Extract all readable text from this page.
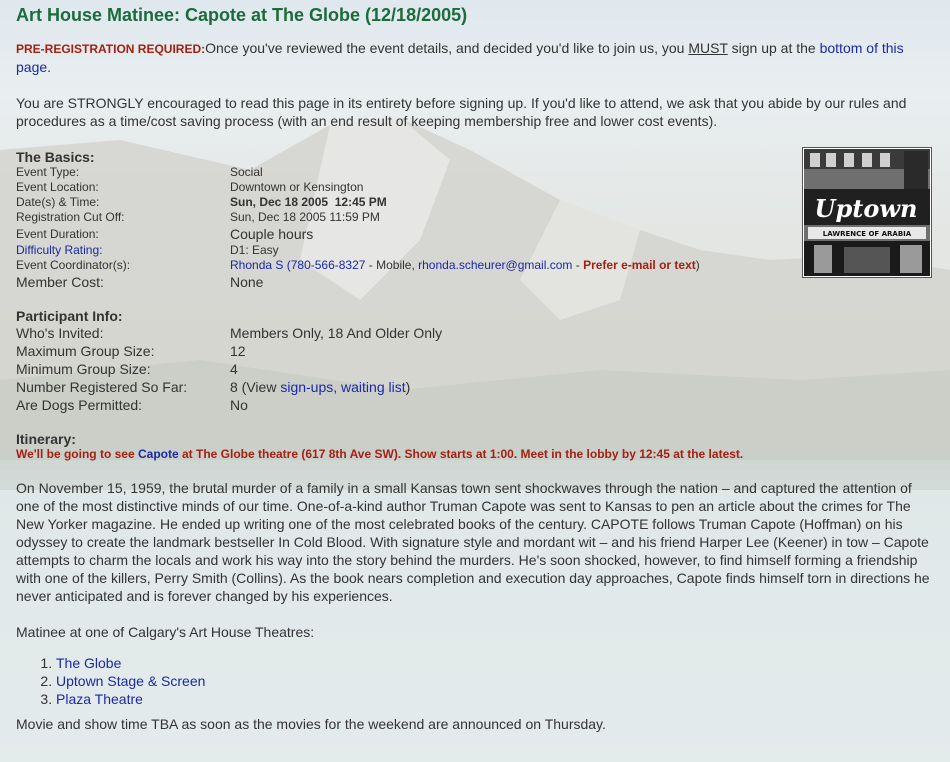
Art House Matinee: Capote at The Globe (12/18/2005)

PRE-REGISTRATION REQUIRED:Once you've reviewed the event details, and decided you'd like to join us, you MUST sign up at the bottom of this page.

You are STRONGLY encouraged to read this page in its entirety before signing up. If you'd like to attend, we ask that you abide by our rules and procedures as a time/cost saving process (with an end result of keeping membership free and lower cost events).

The Basics:
Event Type:	Social
Event Location:	Downtown or Kensington
Date(s) & Time:	Sun, Dec 18 2005  12:45 PM
Registration Cut Off:	Sun, Dec 18 2005 11:59 PM
Event Duration:	Couple hours
Difficulty Rating:	D1: Easy
Event Coordinator(s):	Rhonda S (780-566-8327 - Mobile, rhonda.scheurer@gmail.com - Prefer e-mail or text)
Member Cost:	None
Participant Info:
Who's Invited:	Members Only, 18 And Older Only
Maximum Group Size:	12
Minimum Group Size:	4
Number Registered So Far:	8 (View sign-ups, waiting list)
Are Dogs Permitted:	No
Itinerary:
We'll be going to see Capote at The Globe theatre (617 8th Ave SW). Show starts at 1:00. Meet in the lobby by 12:45 at the latest.

On November 15, 1959, the brutal murder of a family in a small Kansas town sent shockwaves through the nation – and captured the attention of one of the most distinctive minds of our time. One-of-a-kind author Truman Capote was sent to Kansas to pen an article about the crimes for The New Yorker magazine. He ended up writing one of the most celebrated books of the century. CAPOTE follows Truman Capote (Hoffman) on his odyssey to create the landmark bestseller In Cold Blood. With signature style and mordant wit – and his friend Harper Lee (Keener) in tow – Capote attempts to charm the locals and work his way into the story behind the murders. He's soon shocked, however, to find himself forming a friendship with one of the killers, Perry Smith (Collins). As the book nears completion and execution day approaches, Capote finds himself torn in directions he never anticipated and is forever changed by his experiences.

Matinee at one of Calgary's Art House Theatres:

1. The Globe
2. Uptown Stage & Screen
3. Plaza Theatre

Movie and show time TBA as soon as the movies for the weekend are announced on Thursday.

Uptown
LAWRENCE OF ARABIA
